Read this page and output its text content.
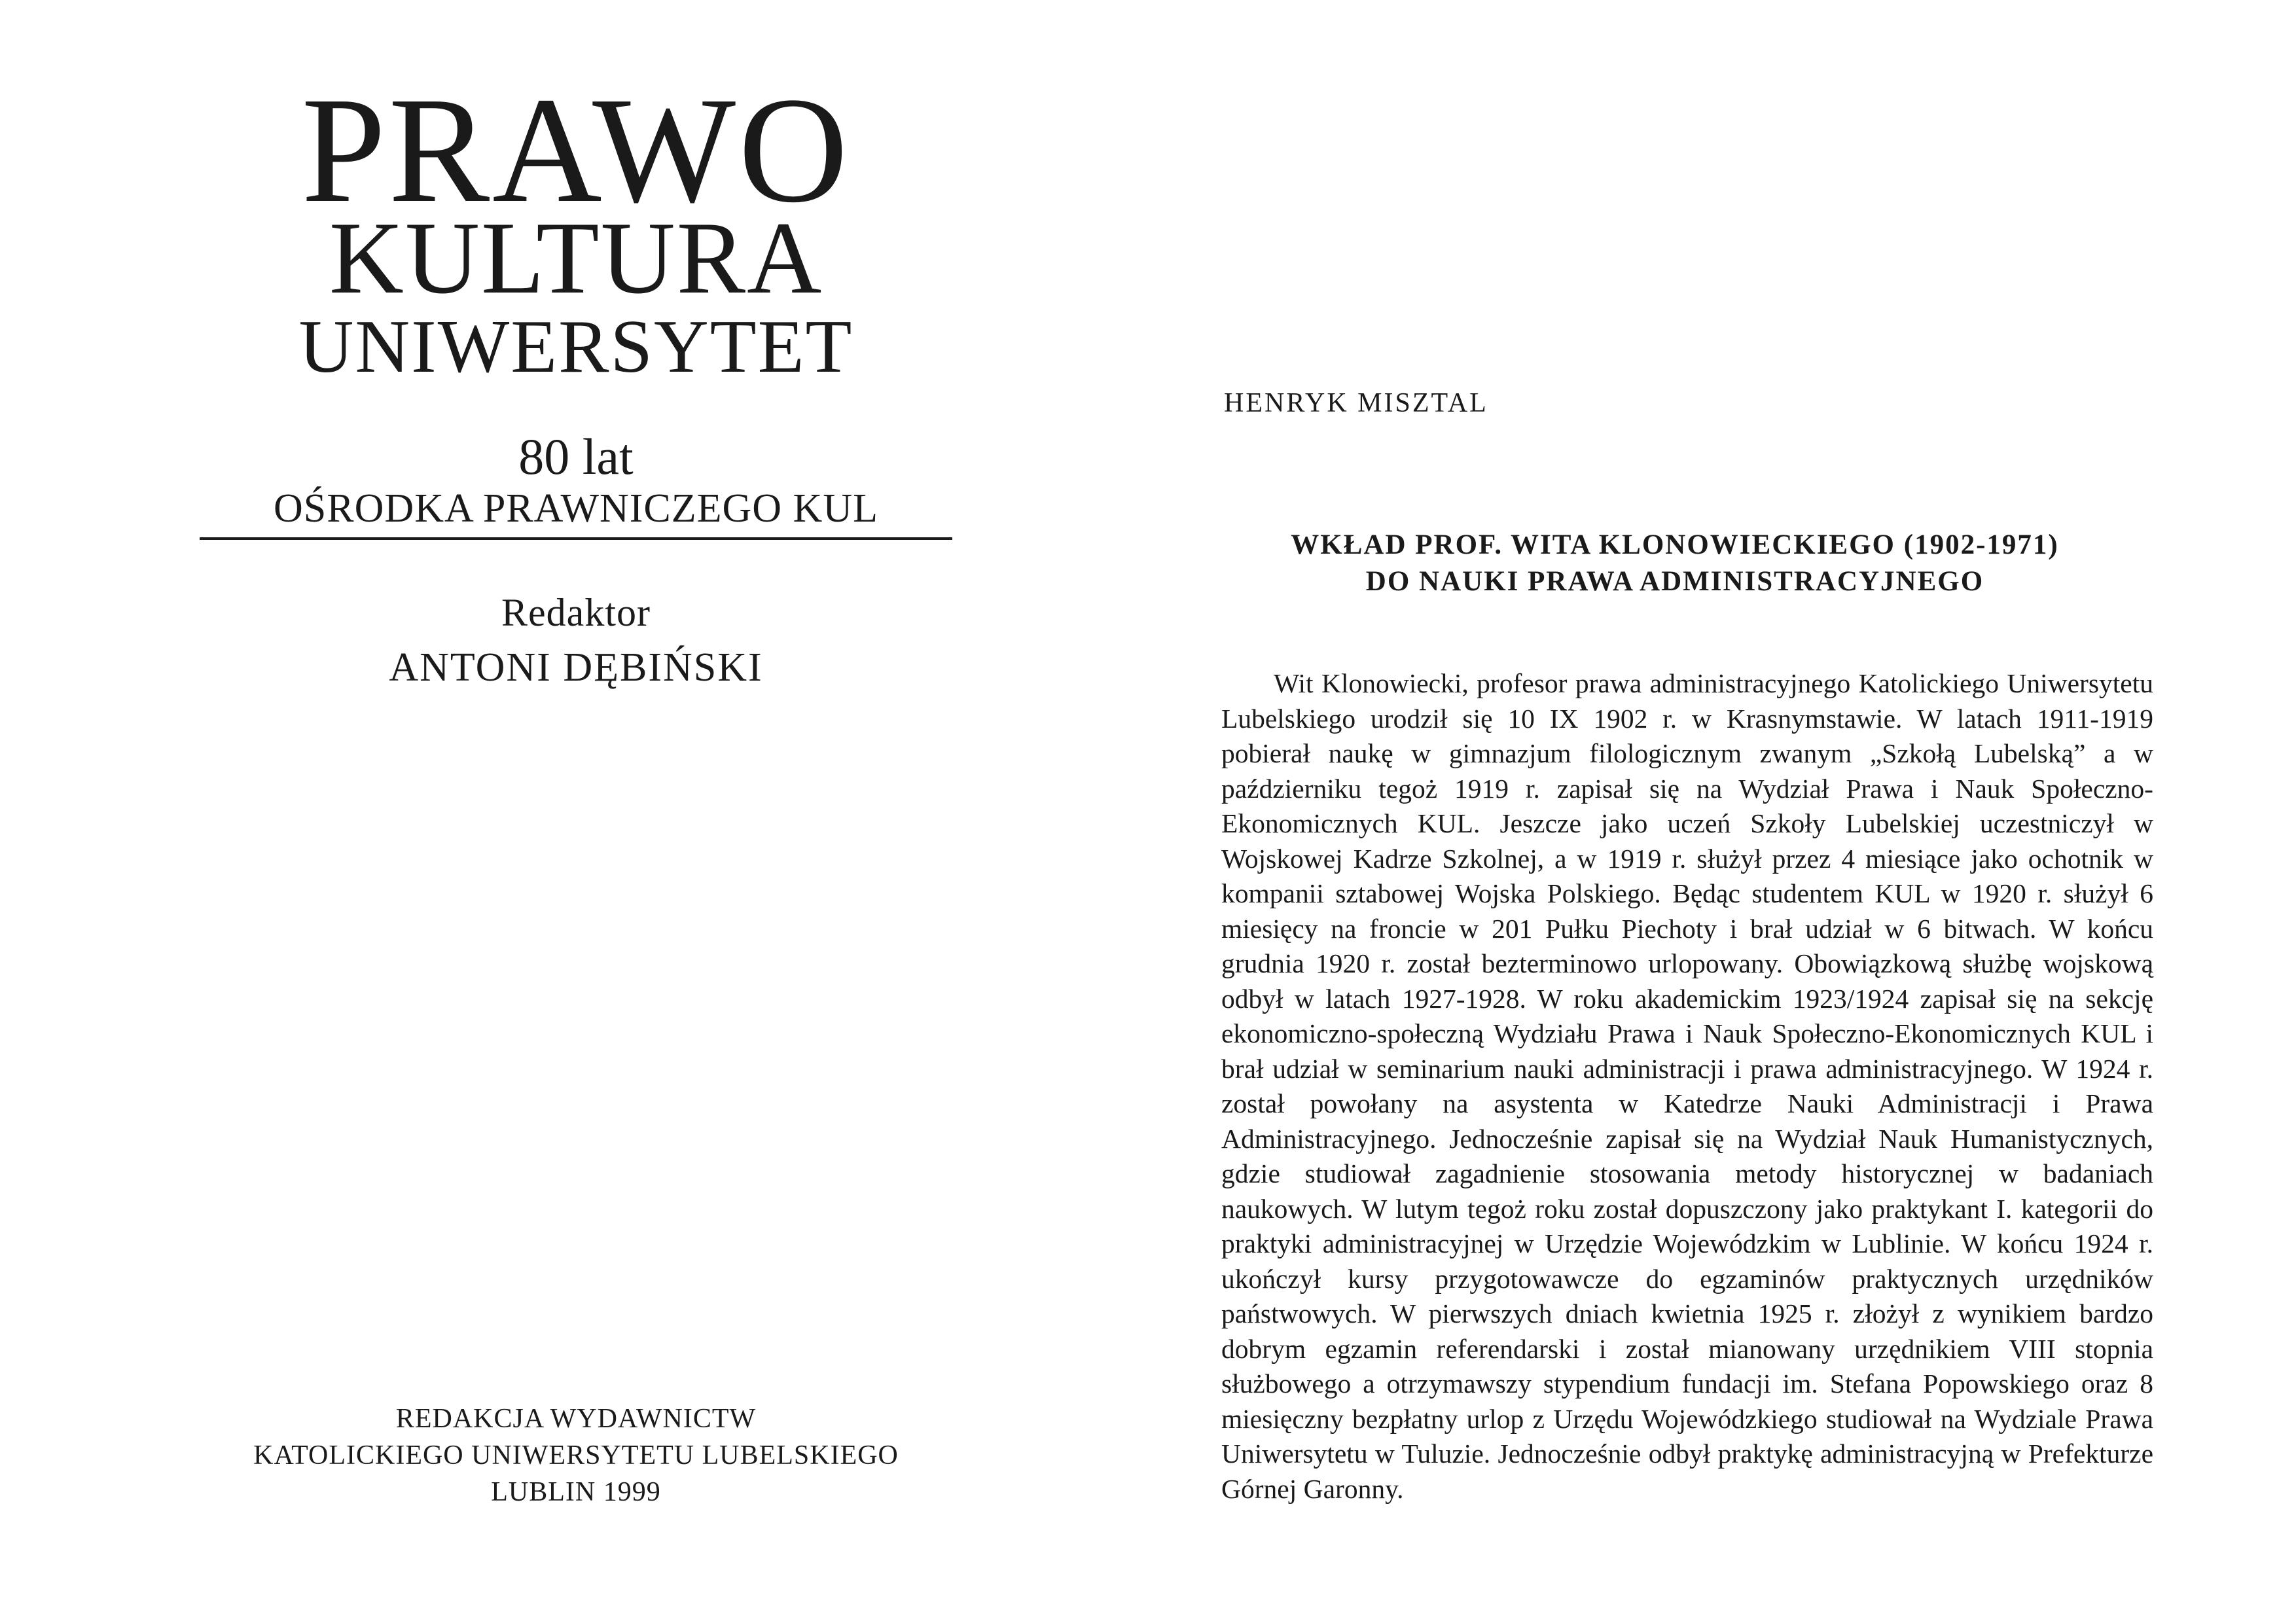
PRAWO

KULTURA

UNIWERSYTET

80 lat

OŚRODKA PRAWNICZEGO KUL

Redaktor

ANTONI DĘBIŃSKI

REDAKCJA WYDAWNICTW

KATOLICKIEGO UNIWERSYTETU LUBELSKIEGO

LUBLIN 1999

HENRYK MISZTAL

WKŁAD PROF. WITA KLONOWIECKIEGO (1902-1971)

DO NAUKI PRAWA ADMINISTRACYJNEGO

Wit Klonowiecki, profesor prawa administracyjnego Katolickiego Uniwersytetu Lubelskiego urodził się 10 IX 1902 r. w Krasnymstawie. W latach 1911-1919 pobierał naukę w gimnazjum filologicznym zwanym „Szkołą Lubelską” a w październiku tegoż 1919 r. zapisał się na Wydział Prawa i Nauk Społeczno-Ekonomicznych KUL. Jeszcze jako uczeń Szkoły Lubelskiej uczestniczył w Wojskowej Kadrze Szkolnej, a w 1919 r. służył przez 4 miesiące jako ochotnik w kompanii sztabowej Wojska Polskiego. Będąc studentem KUL w 1920 r. służył 6 miesięcy na froncie w 201 Pułku Piechoty i brał udział w 6 bitwach. W końcu grudnia 1920 r. został bezterminowo urlopowany. Obowiązkową służbę wojskową odbył w latach 1927-1928. W roku akademickim 1923/1924 zapisał się na sekcję ekonomiczno-społeczną Wydziału Prawa i Nauk Społeczno-Ekonomicznych KUL i brał udział w seminarium nauki administracji i prawa administracyjnego. W 1924 r. został powołany na asystenta w Katedrze Nauki Administracji i Prawa Administracyjnego. Jednocześnie zapisał się na Wydział Nauk Humanistycznych, gdzie studiował zagadnienie stosowania metody historycznej w badaniach naukowych. W lutym tegoż roku został dopuszczony jako praktykant I. kategorii do praktyki administracyjnej w Urzędzie Wojewódzkim w Lublinie. W końcu 1924 r. ukończył kursy przygotowawcze do egzaminów praktycznych urzędników państwowych. W pierwszych dniach kwietnia 1925 r. złożył z wynikiem bardzo dobrym egzamin referendarski i został mianowany urzędnikiem VIII stopnia służbowego a otrzymawszy stypendium fundacji im. Stefana Popowskiego oraz 8 miesięczny bezpłatny urlop z Urzędu Wojewódzkiego studiował na Wydziale Prawa Uniwersytetu w Tuluzie. Jednocześnie odbył praktykę administracyjną w Prefekturze Górnej Garonny.
